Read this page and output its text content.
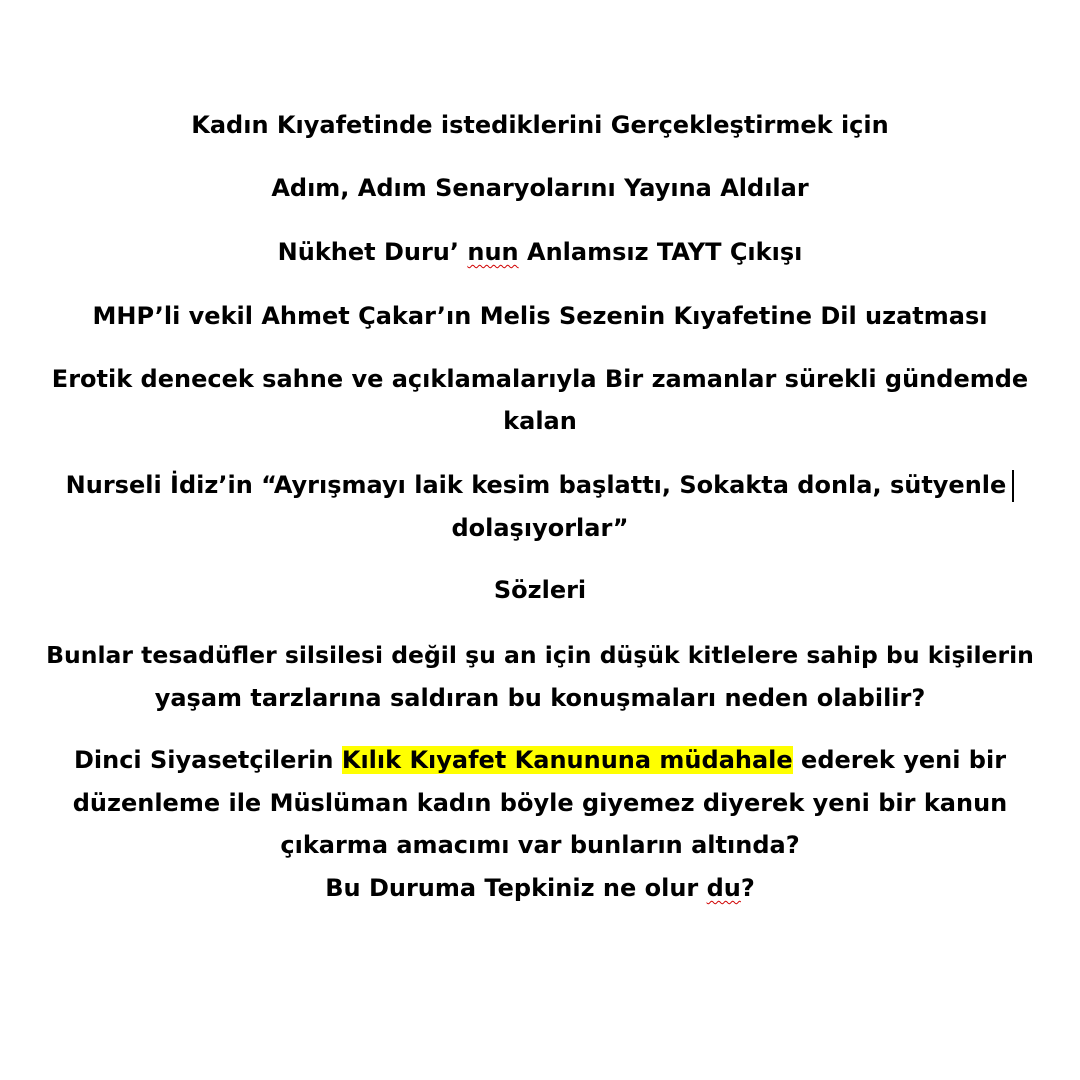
Kadın Kıyafetinde istediklerini Gerçekleştirmek için
Adım, Adım Senaryolarını Yayına Aldılar
Nükhet Duru’ nun Anlamsız TAYT Çıkışı
MHP’li vekil Ahmet Çakar’ın Melis Sezenin Kıyafetine Dil uzatması
Erotik denecek sahne ve açıklamalarıyla Bir zamanlar sürekli gündemde
kalan
Nurseli İdiz’in “Ayrışmayı laik kesim başlattı, Sokakta donla, sütyenle
dolaşıyorlar”
Sözleri
Bunlar tesadüfler silsilesi değil şu an için düşük kitlelere sahip bu kişilerin
yaşam tarzlarına saldıran bu konuşmaları neden olabilir?
Dinci Siyasetçilerin Kılık Kıyafet Kanununa müdahale ederek yeni bir
düzenleme ile Müslüman kadın böyle giyemez diyerek yeni bir kanun
çıkarma amacımı var bunların altında?
Bu Duruma Tepkiniz ne olur du?
